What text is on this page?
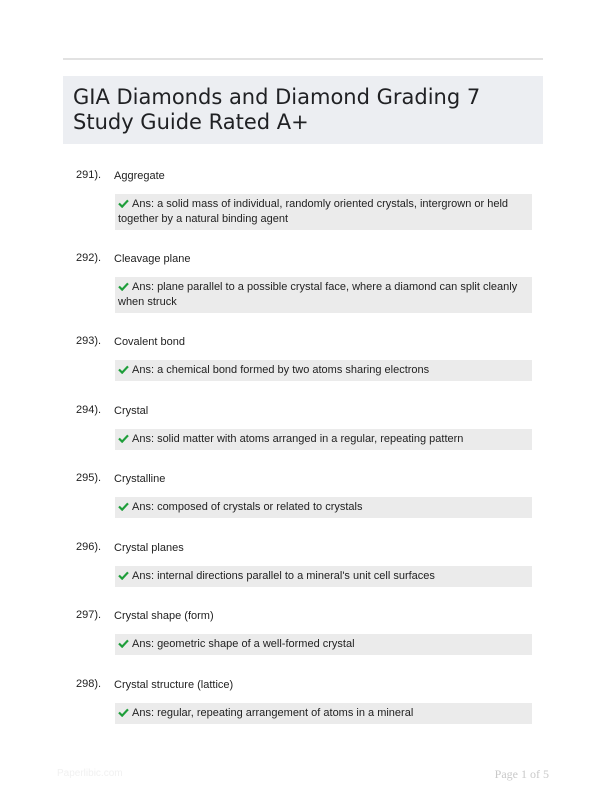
GIA Diamonds and Diamond Grading 7 Study Guide Rated A+
291).	Aggregate
Ans: a solid mass of individual, randomly oriented crystals, intergrown or held together by a natural binding agent
292).	Cleavage plane
Ans: plane parallel to a possible crystal face, where a diamond can split cleanly when struck
293).	Covalent bond
Ans: a chemical bond formed by two atoms sharing electrons
294).	Crystal
Ans: solid matter with atoms arranged in a regular, repeating pattern
295).	Crystalline
Ans: composed of crystals or related to crystals
296).	Crystal planes
Ans: internal directions parallel to a mineral's unit cell surfaces
297).	Crystal shape (form)
Ans: geometric shape of a well-formed crystal
298).	Crystal structure (lattice)
Ans: regular, repeating arrangement of atoms in a mineral
Paperlibic.com	Page 1 of 5
